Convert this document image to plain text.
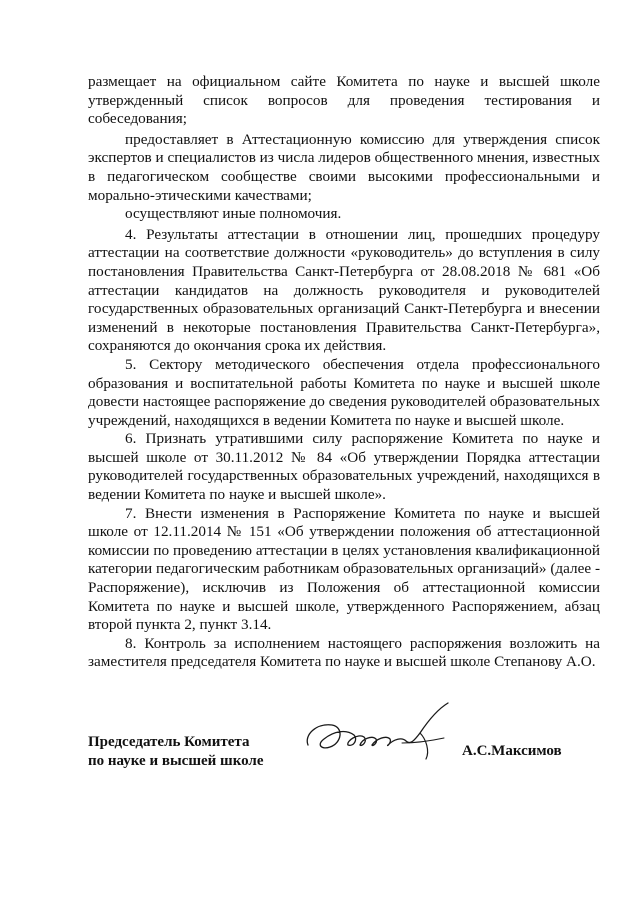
размещает на официальном сайте Комитета по науке и высшей школе утвержденный список вопросов для проведения тестирования и собеседования;

предоставляет в Аттестационную комиссию для утверждения список экспертов и специалистов из числа лидеров общественного мнения, известных в педагогическом сообществе своими высокими профессиональными и морально-этическими качествами;

осуществляют иные полномочия.

4. Результаты аттестации в отношении лиц, прошедших процедуру аттестации на соответствие должности «руководитель» до вступления в силу постановления Правительства Санкт-Петербурга от 28.08.2018 № 681 «Об аттестации кандидатов на должность руководителя и руководителей государственных образовательных организаций Санкт-Петербурга и внесении изменений в некоторые постановления Правительства Санкт-Петербурга», сохраняются до окончания срока их действия.

5. Сектору методического обеспечения отдела профессионального образования и воспитательной работы Комитета по науке и высшей школе довести настоящее распоряжение до сведения руководителей образовательных учреждений, находящихся в ведении Комитета по науке и высшей школе.

6. Признать утратившими силу распоряжение Комитета по науке и высшей школе от 30.11.2012 № 84 «Об утверждении Порядка аттестации руководителей государственных образовательных учреждений, находящихся в ведении Комитета по науке и высшей школе».

7. Внести изменения в Распоряжение Комитета по науке и высшей школе от 12.11.2014 № 151 «Об утверждении положения об аттестационной комиссии по проведению аттестации в целях установления квалификационной категории педагогическим работникам образовательных организаций» (далее - Распоряжение), исключив из Положения об аттестационной комиссии Комитета по науке и высшей школе, утвержденного Распоряжением, абзац второй пункта 2, пункт 3.14.

8. Контроль за исполнением настоящего распоряжения возложить на заместителя председателя Комитета по науке и высшей школе Степанову А.О.

Председатель Комитета
по науке и высшей школе
А.С.Максимов
